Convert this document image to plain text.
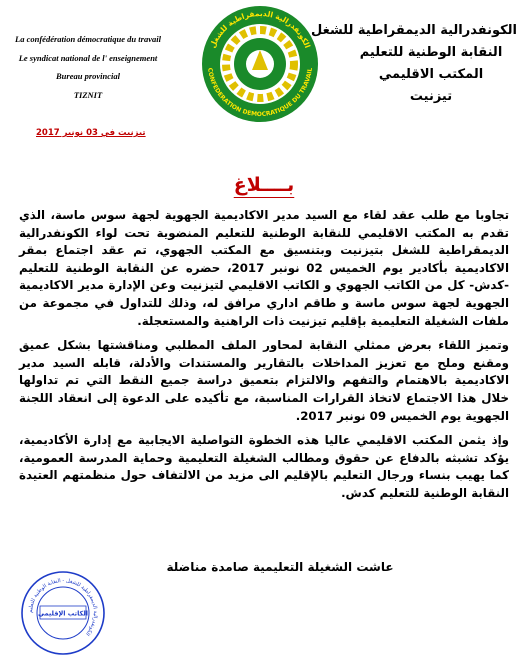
La confédération démocratique du travail
Le syndicat national de l' enseignement
Bureau provincial
TIZNIT
الكونفدرالية الديمقراطية للشغل
CONFEDERATION DEMOCRATIQUE DU TRAVAIL
الكونفدرالية الديمقراطية للشغل
النقابة الوطنية للتعليم
المكتب الاقليمي
تيزنيت
تيزنيت في 03 نونبر 2017
بــــلاغ

تجاوبا مع طلب عقد لقاء مع السيد مدير الاكاديمية الجهوية لجهة سوس ماسة، الذي تقدم به المكتب الاقليمي للنقابة الوطنية للتعليم المنضوية تحت لواء الكونفدرالية الديمقراطية للشغل بتيزنيت وبتنسيق مع المكتب الجهوي، تم عقد اجتماع بمقر الاكاديمية بأكادير يوم الخميس 02 نونبر 2017، حضره عن النقابة الوطنية للتعليم -كدش- كل من الكاتب الجهوي و الكاتب الاقليمي لتيزنيت وعن الإدارة مدير الاكاديمية الجهوية لجهة سوس ماسة و طاقم اداري مرافق له، وذلك للتداول في مجموعة من ملفات الشغيلة التعليمية بإقليم تيزنيت ذات الراهنية والمستعجلة.

وتميز اللقاء بعرض ممثلي النقابة لمحاور الملف المطلبي ومناقشتها بشكل عميق ومقنع وملح مع تعزيز المداخلات بالتقارير والمستندات والأدلة، قابله السيد مدير الاكاديمية بالاهتمام والتفهم والالتزام بتعميق دراسة جميع النقط التي تم تداولها خلال هذا الاجتماع لاتخاذ القرارات المناسبة، مع تأكيده على الدعوة إلى انعقاد اللجنة الجهوية يوم الخميس 09 نونبر 2017.

وإذ يثمن المكتب الاقليمي عاليا هذه الخطوة التواصلية الايجابية مع إدارة الأكاديمية، يؤكد تشبثه بالدفاع عن حقوق ومطالب الشغيلة التعليمية وحماية المدرسة العمومية، كما يهيب بنساء ورجال التعليم بالإقليم الى مزيد من الالتفاف حول منظمتهم العتيدة النقابة الوطنية للتعليم كدش.

عاشت الشغيلة التعليمية صامدة مناضلة
الكونفدرالية الديمقراطية للشغل - النقابة الوطنية للتعليم
الكاتب الإقليمي
